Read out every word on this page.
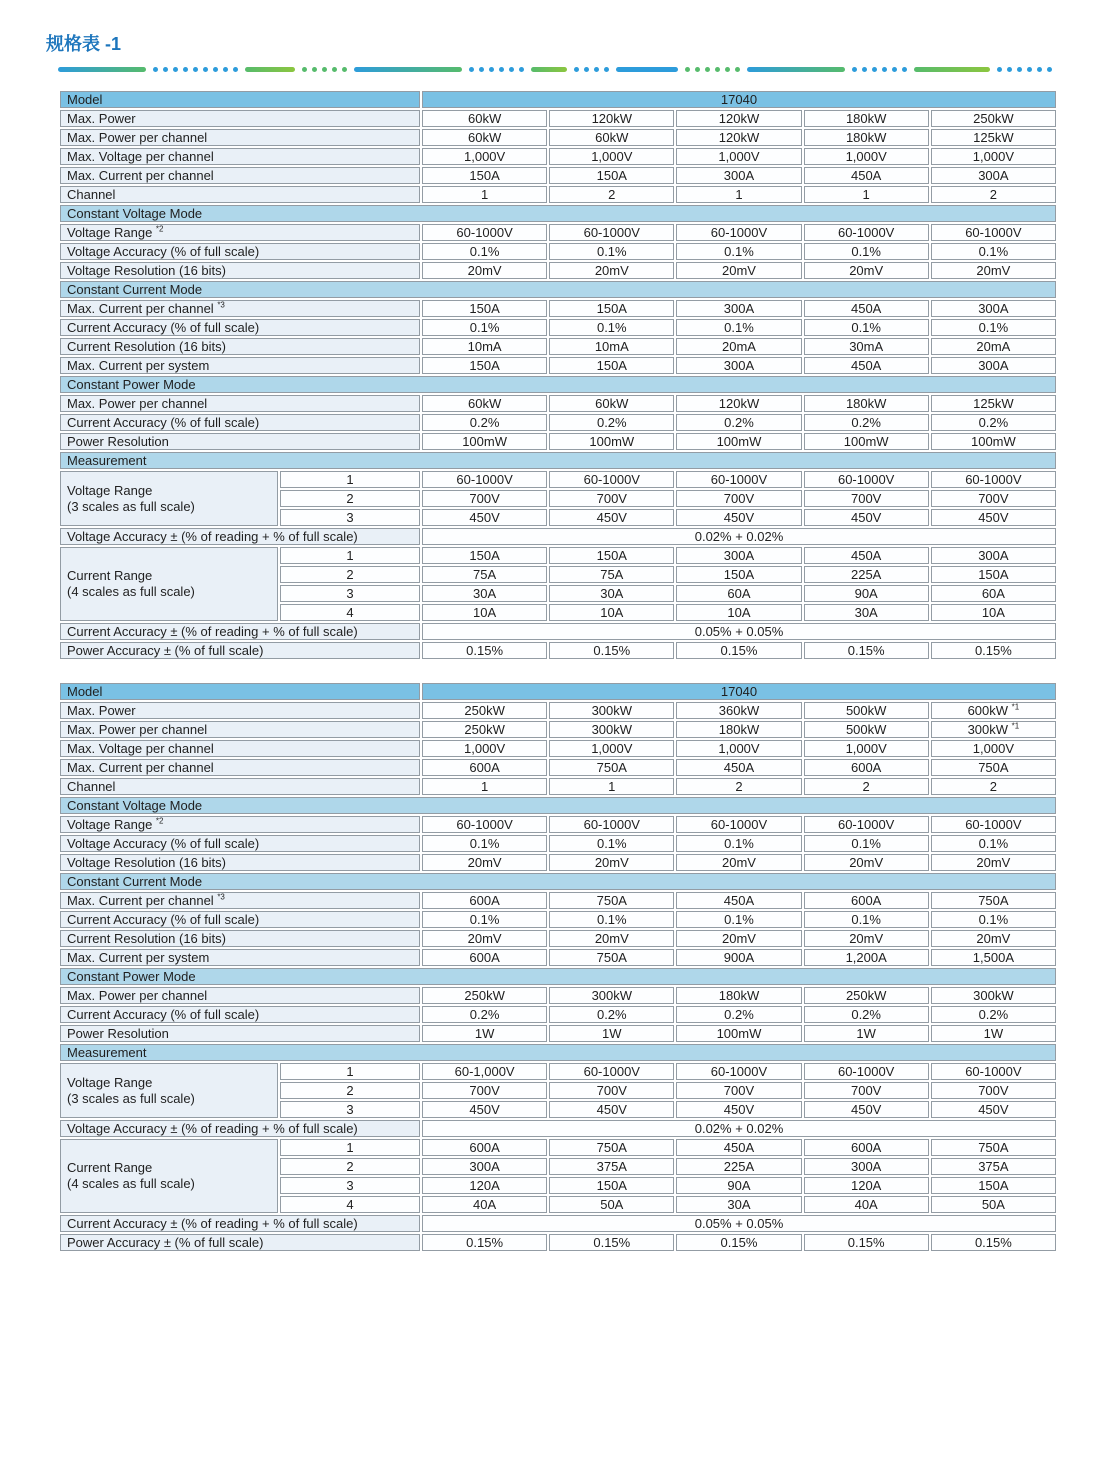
规格表 -1
Model		17040				
Max. Power		60kW	120kW	120kW	180kW	250kW
Max. Power per channel		60kW	60kW	120kW	180kW	125kW
Max. Voltage per channel		1,000V	1,000V	1,000V	1,000V	1,000V
Max. Current per channel		150A	150A	300A	450A	300A
Channel		1	2	1	1	2
Constant Voltage Mode						
Voltage Range $^{*2}$		60-1000V	60-1000V	60-1000V	60-1000V	60-1000V
Voltage Accuracy (% of full scale)		0.1%	0.1%	0.1%	0.1%	0.1%
Voltage Resolution (16 bits)		20mV	20mV	20mV	20mV	20mV
Constant Current Mode						
Max. Current per channel $^{*3}$		150A	150A	300A	450A	300A
Current Accuracy (% of full scale)		0.1%	0.1%	0.1%	0.1%	0.1%
Current Resolution (16 bits)		10mA	10mA	20mA	30mA	20mA
Max. Current per system		150A	150A	300A	450A	300A
Constant Power Mode						
Max. Power per channel		60kW	60kW	120kW	180kW	125kW
Current Accuracy (% of full scale)		0.2%	0.2%	0.2%	0.2%	0.2%
Power Resolution		100mW	100mW	100mW	100mW	100mW
Measurement						

Voltage Range
(3 scales as full scale)	1	60-1000V	60-1000V	60-1000V	60-1000V	60-1000V
	2	700V	700V	700V	700V	700V
	3	450V	450V	450V	450V	450V
Voltage Accuracy ± (% of reading + % of full scale)		0.02% + 0.02%				

Current Range
(4 scales as full scale)	1	150A	150A	300A	450A	300A
	2	75A	75A	150A	225A	150A
	3	30A	30A	60A	90A	60A
	4	10A	10A	10A	30A	10A
Current Accuracy ± (% of reading + % of full scale)		0.05% + 0.05%				
Power Accuracy ± (% of full scale)		0.15%	0.15%	0.15%	0.15%	0.15%
Model		17040				
Max. Power		250kW	300kW	360kW	500kW	600kW $^{*1}$
Max. Power per channel		250kW	300kW	180kW	500kW	300kW $^{*1}$
Max. Voltage per channel		1,000V	1,000V	1,000V	1,000V	1,000V
Max. Current per channel		600A	750A	450A	600A	750A
Channel		1	1	2	2	2
Constant Voltage Mode						
Voltage Range $^{*2}$		60-1000V	60-1000V	60-1000V	60-1000V	60-1000V
Voltage Accuracy (% of full scale)		0.1%	0.1%	0.1%	0.1%	0.1%
Voltage Resolution (16 bits)		20mV	20mV	20mV	20mV	20mV
Constant Current Mode						
Max. Current per channel $^{*3}$		600A	750A	450A	600A	750A
Current Accuracy (% of full scale)		0.1%	0.1%	0.1%	0.1%	0.1%
Current Resolution (16 bits)		20mV	20mV	20mV	20mV	20mV
Max. Current per system		600A	750A	900A	1,200A	1,500A
Constant Power Mode						
Max. Power per channel		250kW	300kW	180kW	250kW	300kW
Current Accuracy (% of full scale)		0.2%	0.2%	0.2%	0.2%	0.2%
Power Resolution		1W	1W	100mW	1W	1W
Measurement						

Voltage Range
(3 scales as full scale)	1	60-1,000V	60-1000V	60-1000V	60-1000V	60-1000V
	2	700V	700V	700V	700V	700V
	3	450V	450V	450V	450V	450V
Voltage Accuracy ± (% of reading + % of full scale)		0.02% + 0.02%				

Current Range
(4 scales as full scale)	1	600A	750A	450A	600A	750A
	2	300A	375A	225A	300A	375A
	3	120A	150A	90A	120A	150A
	4	40A	50A	30A	40A	50A
Current Accuracy ± (% of reading + % of full scale)		0.05% + 0.05%				
Power Accuracy ± (% of full scale)		0.15%	0.15%	0.15%	0.15%	0.15%
